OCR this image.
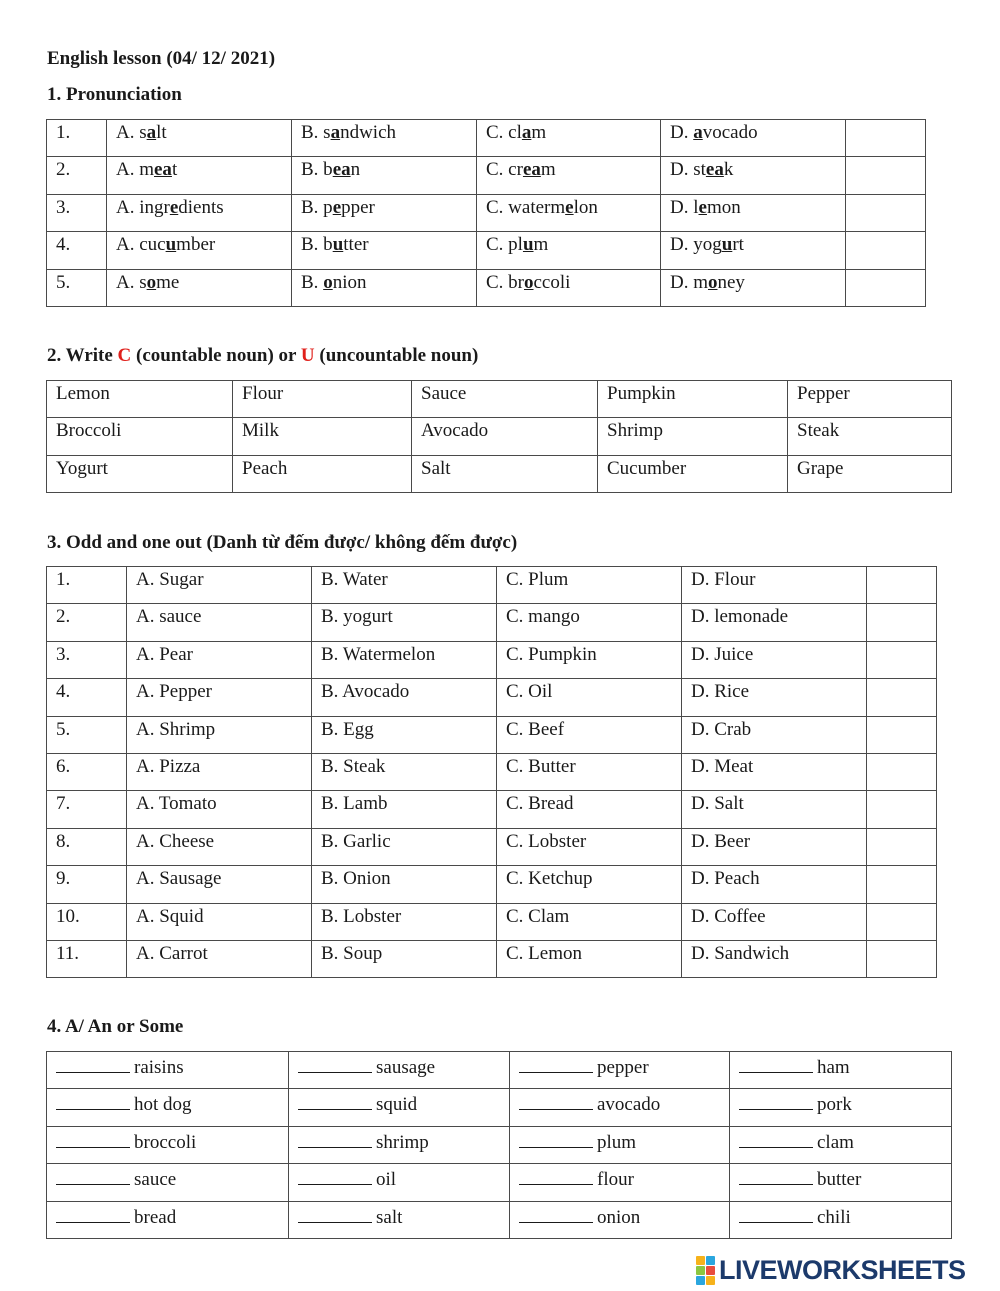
English lesson (04/ 12/ 2021)
1. Pronunciation
1.	A. salt	B. sandwich	C. clam	D. avocado	
2.	A. meat	B. bean	C. cream	D. steak	
3.	A. ingredients	B. pepper	C. watermelon	D. lemon	
4.	A. cucumber	B. butter	C. plum	D. yogurt	
5.	A. some	B. onion	C. broccoli	D. money	
2. Write C (countable noun) or U (uncountable noun)
Lemon	Flour	Sauce	Pumpkin	Pepper
Broccoli	Milk	Avocado	Shrimp	Steak
Yogurt	Peach	Salt	Cucumber	Grape
3. Odd and one out (Danh từ đếm được/ không đếm được)
1.	A. Sugar	B. Water	C. Plum	D. Flour	
2.	A. sauce	B. yogurt	C. mango	D. lemonade	
3.	A. Pear	B. Watermelon	C. Pumpkin	D. Juice	
4.	A. Pepper	B. Avocado	C. Oil	D. Rice	
5.	A. Shrimp	B. Egg	C. Beef	D. Crab	
6.	A. Pizza	B. Steak	C. Butter	D. Meat	
7.	A. Tomato	B. Lamb	C. Bread	D. Salt	
8.	A. Cheese	B. Garlic	C. Lobster	D. Beer	
9.	A. Sausage	B. Onion	C. Ketchup	D. Peach	
10.	A. Squid	B. Lobster	C. Clam	D. Coffee	
11.	A. Carrot	B. Soup	C. Lemon	D. Sandwich	
4. A/ An or Some
raisins	sausage	pepper	ham
hot dog	squid	avocado	pork
broccoli	shrimp	plum	clam
sauce	oil	flour	butter
bread	salt	onion	chili
LIVEWORKSHEETS
